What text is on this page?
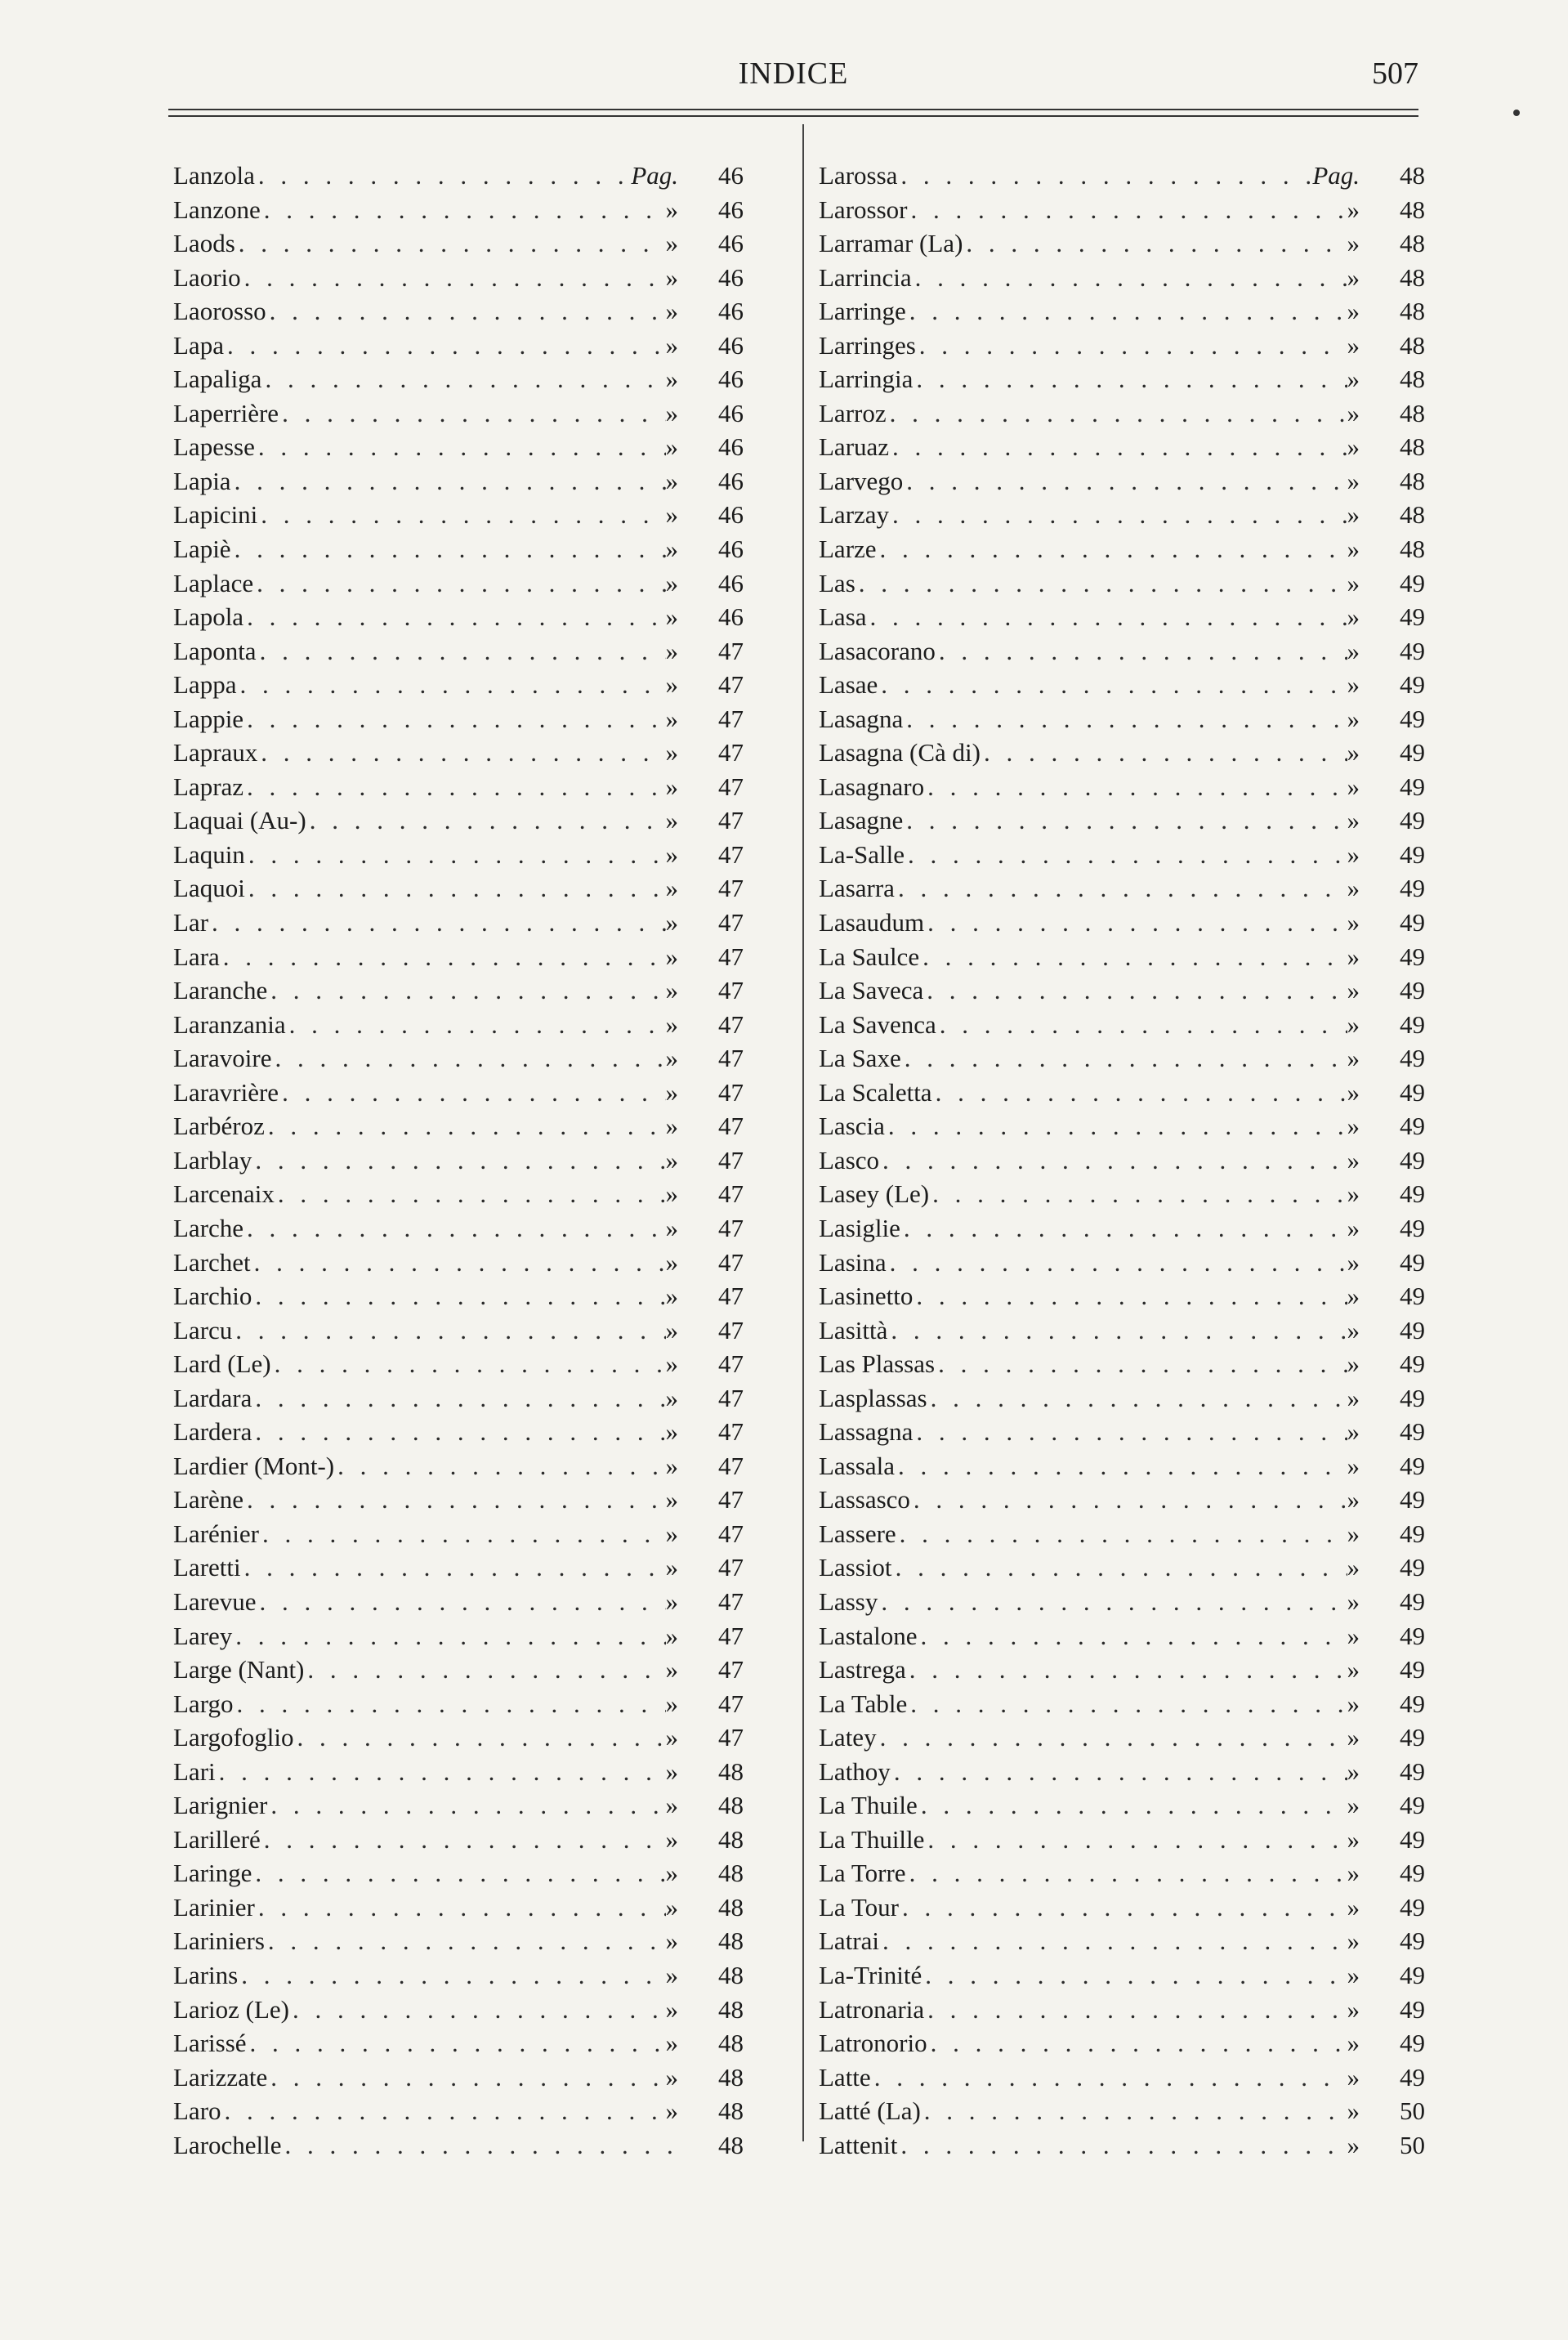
INDICE	507
Lanzola . . .	Pag.	46
Lanzone . . .	»	46
Laods . . .	»	46
Laorio . . .	»	46
Laorosso . . .	»	46
Lapa . . .	»	46
Lapaliga . . .	»	46
Laperrière . . .	»	46
Lapesse . . .	»	46
Lapia . . .	»	46
Lapicini . . .	»	46
Lapiè . . .	»	46
Laplace . . .	»	46
Lapola . . .	»	46
Laponta . . .	»	47
Lappa . . .	»	47
Lappie . . .	»	47
Lapraux . . .	»	47
Lapraz . . .	»	47
Laquai (Au-) . . .	»	47
Laquin . . .	»	47
Laquoi . . .	»	47
Lar . . .	»	47
Lara . . .	»	47
Laranche . . .	»	47
Laranzania . . .	»	47
Laravoire . . .	»	47
Laravrière . . .	»	47
Larbéroz . . .	»	47
Larblay . . .	»	47
Larcenaix . . .	»	47
Larche . . .	»	47
Larchet . . .	»	47
Larchio . . .	»	47
Larcu . . .	»	47
Lard (Le) . . .	»	47
Lardara . . .	»	47
Lardera . . .	»	47
Lardier (Mont-) . . .	»	47
Larène . . .	»	47
Larénier . . .	»	47
Laretti . . .	»	47
Larevue . . .	»	47
Larey . . .	»	47
Large (Nant) . . .	»	47
Largo . . .	»	47
Largofoglio . . .	»	47
Lari . . .	»	48
Larignier . . .	»	48
Larilleré . . .	»	48
Laringe . . .	»	48
Larinier . . .	»	48
Lariniers . . .	»	48
Larins . . .	»	48
Larioz (Le) . . .	»	48
Larissé . . .	»	48
Larizzate . . .	»	48
Laro . . .	»	48
Larochelle . . .	48
Larossa . . .	Pag.	48
Larossor . . .	»	48
Larramar (La) . . .	»	48
Larrincia . . .	»	48
Larringe . . .	»	48
Larringes . . .	»	48
Larringia . . .	»	48
Larroz . . .	»	48
Laruaz . . .	»	48
Larvego . . .	»	48
Larzay . . .	»	48
Larze . . .	»	48
Las . . .	»	49
Lasa . . .	»	49
Lasacorano . . .	»	49
Lasae . . .	»	49
Lasagna . . .	»	49
Lasagna (Cà di) . . .	»	49
Lasagnaro . . .	»	49
Lasagne . . .	»	49
La-Salle . . .	»	49
Lasarra . . .	»	49
Lasaudum . . .	»	49
La Saulce . . .	»	49
La Saveca . . .	»	49
La Savenca . . .	»	49
La Saxe . . .	»	49
La Scaletta . . .	»	49
Lascia . . .	»	49
Lasco . . .	»	49
Lasey (Le) . . .	»	49
Lasiglie . . .	»	49
Lasina . . .	»	49
Lasinetto . . .	»	49
Lasittà . . .	»	49
Las Plassas . . .	»	49
Lasplassas . . .	»	49
Lassagna . . .	»	49
Lassala . . .	»	49
Lassasco . . .	»	49
Lassere . . .	»	49
Lassiot . . .	»	49
Lassy . . .	»	49
Lastalone . . .	»	49
Lastrega . . .	»	49
La Table . . .	»	49
Latey . . .	»	49
Lathoy . . .	»	49
La Thuile . . .	»	49
La Thuille . . .	»	49
La Torre . . .	»	49
La Tour . . .	»	49
Latrai . . .	»	49
La-Trinité . . .	»	49
Latronaria . . .	»	49
Latronorio . . .	»	49
Latte . . .	»	49
Latté (La) . . .	»	50
Lattenit . . .	»	50
